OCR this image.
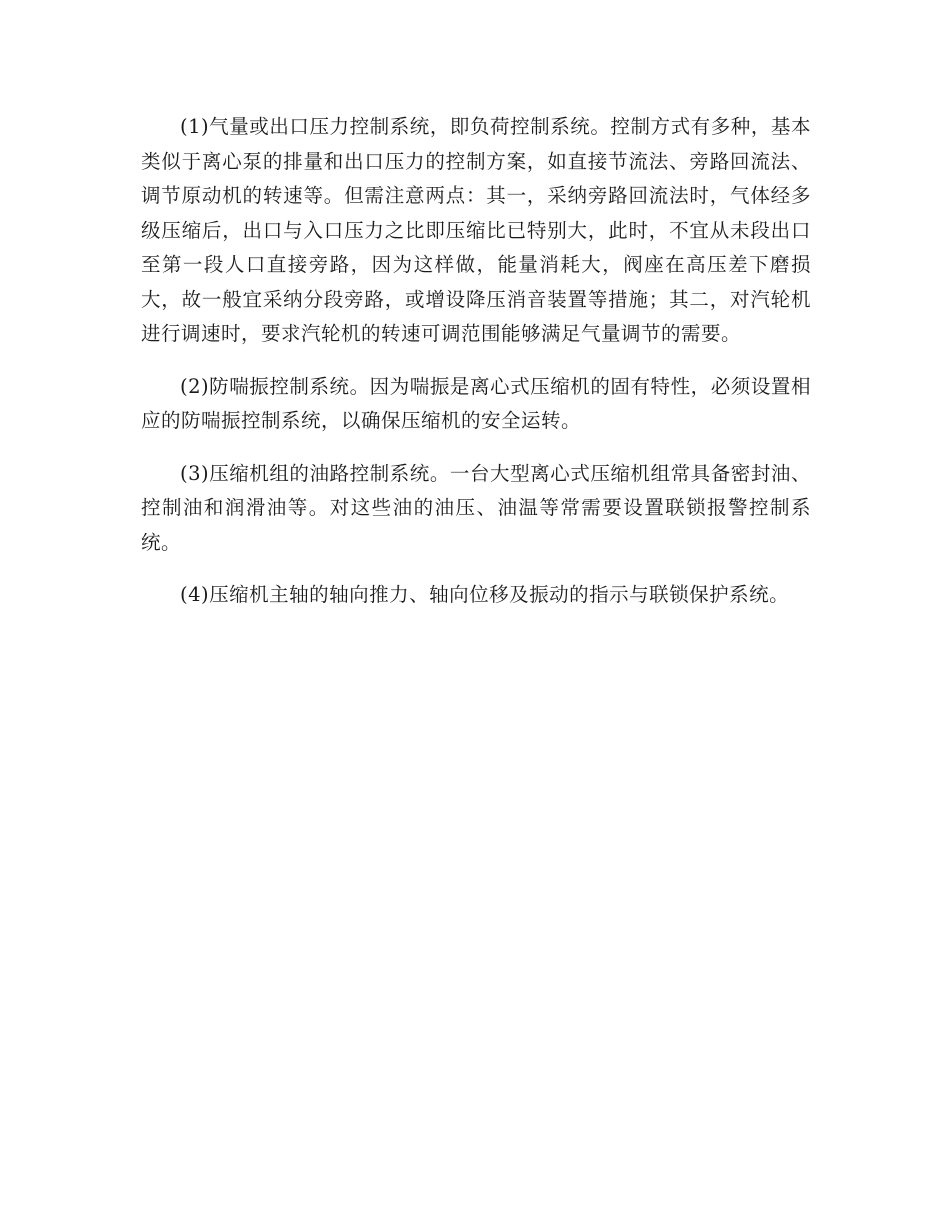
(1)气量或出口压力控制系统，即负荷控制系统。控制方式有多种，基本类似于离心泵的排量和出口压力的控制方案，如直接节流法、旁路回流法、调节原动机的转速等。但需注意两点：其一，采纳旁路回流法时，气体经多级压缩后，出口与入口压力之比即压缩比已特别大，此时，不宜从未段出口至第一段人口直接旁路，因为这样做，能量消耗大，阀座在高压差下磨损大，故一般宜采纳分段旁路，或增设降压消音装置等措施；其二，对汽轮机进行调速时，要求汽轮机的转速可调范围能够满足气量调节的需要。

(2)防喘振控制系统。因为喘振是离心式压缩机的固有特性，必须设置相应的防喘振控制系统，以确保压缩机的安全运转。

(3)压缩机组的油路控制系统。一台大型离心式压缩机组常具备密封油、控制油和润滑油等。对这些油的油压、油温等常需要设置联锁报警控制系统。

(4)压缩机主轴的轴向推力、轴向位移及振动的指示与联锁保护系统。
